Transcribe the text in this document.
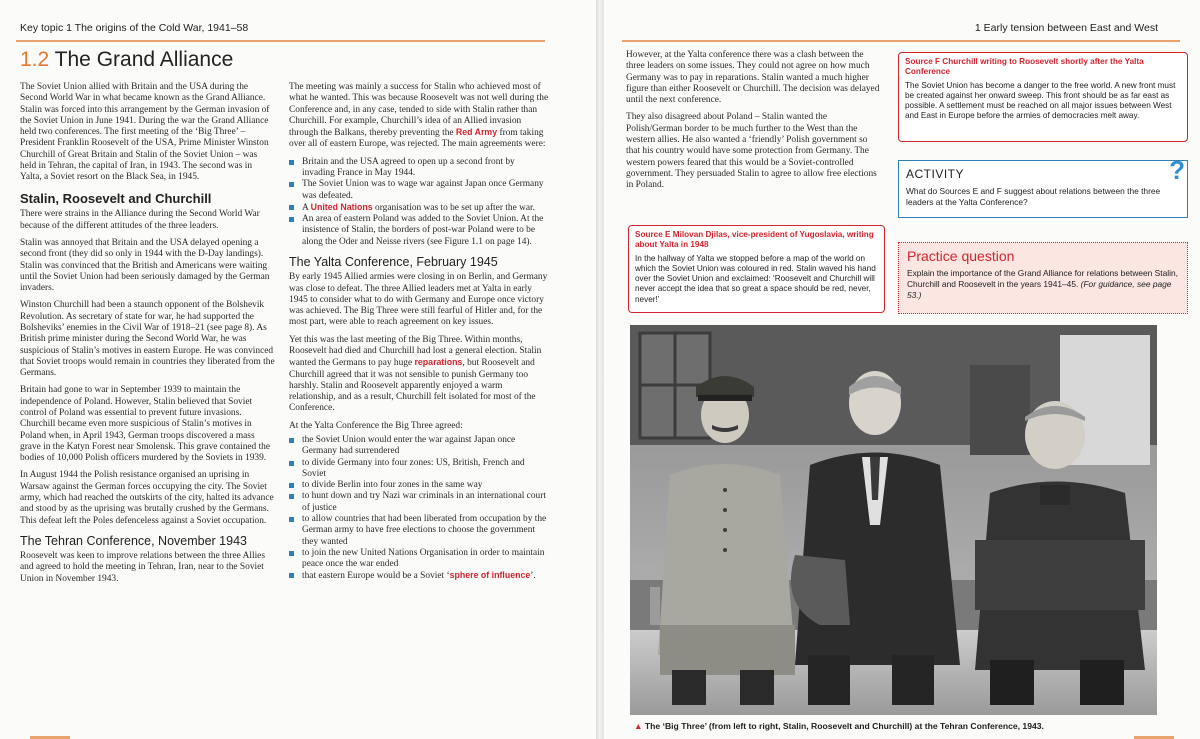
Key topic 1 The origins of the Cold War, 1941–58
1.2 The Grand Alliance

The Soviet Union allied with Britain and the USA during the Second World War in what became known as the Grand Alliance. Stalin was forced into this arrangement by the German invasion of the Soviet Union in June 1941. During the war the Grand Alliance held two conferences. The first meeting of the ‘Big Three’ – President Franklin Roosevelt of the USA, Prime Minister Winston Churchill of Great Britain and Stalin of the Soviet Union – was held in Tehran, the capital of Iran, in 1943. The second was in Yalta, a Soviet resort on the Black Sea, in 1945.

Stalin, Roosevelt and Churchill

There were strains in the Alliance during the Second World War because of the different attitudes of the three leaders.

Stalin was annoyed that Britain and the USA delayed opening a second front (they did so only in 1944 with the D-Day landings). Stalin was convinced that the British and Americans were waiting until the Soviet Union had been seriously damaged by the German invaders.

Winston Churchill had been a staunch opponent of the Bolshevik Revolution. As secretary of state for war, he had supported the Bolsheviks’ enemies in the Civil War of 1918–21 (see page 8). As British prime minister during the Second World War, he was suspicious of Stalin’s motives in eastern Europe. He was convinced that Soviet troops would remain in countries they liberated from the Germans.

Britain had gone to war in September 1939 to maintain the independence of Poland. However, Stalin believed that Soviet control of Poland was essential to prevent future invasions. Churchill became even more suspicious of Stalin’s motives in Poland when, in April 1943, German troops discovered a mass grave in the Katyn Forest near Smolensk. This grave contained the bodies of 10,000 Polish officers murdered by the Soviets in 1939.

In August 1944 the Polish resistance organised an uprising in Warsaw against the German forces occupying the city. The Soviet army, which had reached the outskirts of the city, halted its advance and stood by as the uprising was brutally crushed by the Germans. This defeat left the Poles defenceless against a Soviet occupation.

The Tehran Conference, November 1943

Roosevelt was keen to improve relations between the three Allies and agreed to hold the meeting in Tehran, Iran, near to the Soviet Union in November 1943.

The meeting was mainly a success for Stalin who achieved most of what he wanted. This was because Roosevelt was not well during the Conference and, in any case, tended to side with Stalin rather than Churchill. For example, Churchill’s idea of an Allied invasion through the Balkans, thereby preventing the Red Army from taking over all of eastern Europe, was rejected. The main agreements were:

Britain and the USA agreed to open up a second front by invading France in May 1944.
The Soviet Union was to wage war against Japan once Germany was defeated.
A United Nations organisation was to be set up after the war.
An area of eastern Poland was added to the Soviet Union. At the insistence of Stalin, the borders of post-war Poland were to be along the Oder and Neisse rivers (see Figure 1.1 on page 14).
The Yalta Conference, February 1945

By early 1945 Allied armies were closing in on Berlin, and Germany was close to defeat. The three Allied leaders met at Yalta in early 1945 to consider what to do with Germany and Europe once victory was achieved. The Big Three were still fearful of Hitler and, for the most part, were able to reach agreement on key issues.

Yet this was the last meeting of the Big Three. Within months, Roosevelt had died and Churchill had lost a general election. Stalin wanted the Germans to pay huge reparations, but Roosevelt and Churchill agreed that it was not sensible to punish Germany too harshly. Stalin and Roosevelt apparently enjoyed a warm relationship, and as a result, Churchill felt isolated for most of the Conference.

At the Yalta Conference the Big Three agreed:

the Soviet Union would enter the war against Japan once Germany had surrendered
to divide Germany into four zones: US, British, French and Soviet
to divide Berlin into four zones in the same way
to hunt down and try Nazi war criminals in an international court of justice
to allow countries that had been liberated from occupation by the German army to have free elections to choose the government they wanted
to join the new United Nations Organisation in order to maintain peace once the war ended
that eastern Europe would be a Soviet ‘sphere of influence’.
1 Early tension between East and West

However, at the Yalta conference there was a clash between the three leaders on some issues. They could not agree on how much Germany was to pay in reparations. Stalin wanted a much higher figure than either Roosevelt or Churchill. The decision was delayed until the next conference.

They also disagreed about Poland – Stalin wanted the Polish/German border to be much further to the West than the western allies. He also wanted a ‘friendly’ Polish government so that his country would have some protection from Germany. The western powers feared that this would be a Soviet-controlled government. They persuaded Stalin to agree to allow free elections in Poland.

Source E Milovan Djilas, vice-president of Yugoslavia, writing about Yalta in 1948
In the hallway of Yalta we stopped before a map of the world on which the Soviet Union was coloured in red. Stalin waved his hand over the Soviet Union and exclaimed: ‘Roosevelt and Churchill will never accept the idea that so great a space should be red, never, never!’
Source F Churchill writing to Roosevelt shortly after the Yalta Conference
The Soviet Union has become a danger to the free world. A new front must be created against her onward sweep. This front should be as far east as possible. A settlement must be reached on all major issues between West and East in Europe before the armies of democracies melt away.
ACTIVITY	?
What do Sources E and F suggest about relations between the three leaders at the Yalta Conference?
Practice question
Explain the importance of the Grand Alliance for relations between Stalin, Churchill and Roosevelt in the years 1941–45. (For guidance, see page 53.)
▲ The ‘Big Three’ (from left to right, Stalin, Roosevelt and Churchill) at the Tehran Conference, 1943.
